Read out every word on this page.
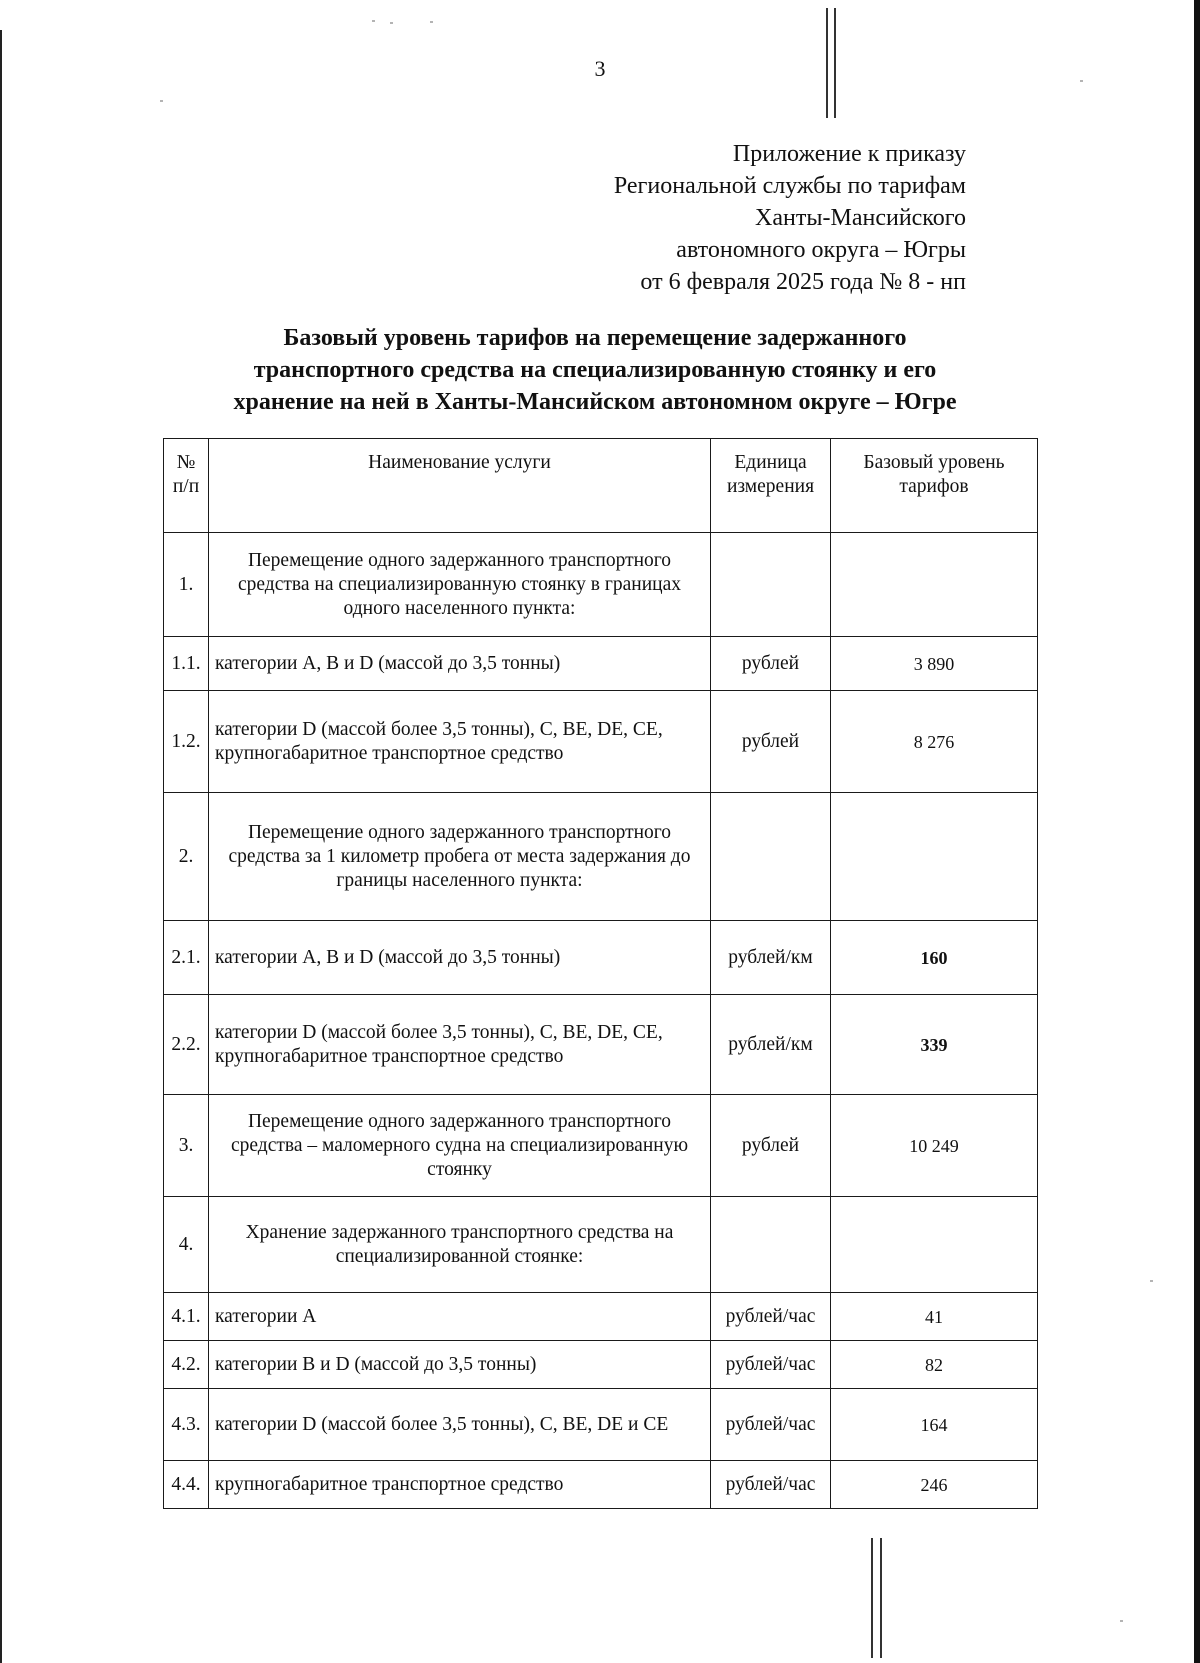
3
Приложение к приказу
Региональной службы по тарифам
Ханты-Мансийского
автономного округа – Югры
от 6 февраля 2025 года № 8 - нп
Базовый уровень тарифов на перемещение задержанного
транспортного средства на специализированную стоянку и его
хранение на ней в Ханты-Мансийском автономном округе – Югре
№ п/п	Наименование услуги	Единица измерения	Базовый уровень тарифов
1.	Перемещение одного задержанного транспортного средства на специализированную стоянку в границах одного населенного пункта:		
1.1.	категории A, B и D (массой до 3,5 тонны)	рублей	3 890
1.2.	категории D (массой более 3,5 тонны), C, BE, DE, CE, крупногабаритное транспортное средство	рублей	8 276
2.	Перемещение одного задержанного транспортного средства за 1 километр пробега от места задержания до границы населенного пункта:		
2.1.	категории A, B и D (массой до 3,5 тонны)	рублей/км	160
2.2.	категории D (массой более 3,5 тонны), C, BE, DE, CE, крупногабаритное транспортное средство	рублей/км	339
3.	Перемещение одного задержанного транспортного средства – маломерного судна на специализированную стоянку	рублей	10 249
4.	Хранение задержанного транспортного средства на специализированной стоянке:		
4.1.	категории A	рублей/час	41
4.2.	категории B и D (массой до 3,5 тонны)	рублей/час	82
4.3.	категории D (массой более 3,5 тонны), C, BE, DE и CE	рублей/час	164
4.4.	крупногабаритное транспортное средство	рублей/час	246
